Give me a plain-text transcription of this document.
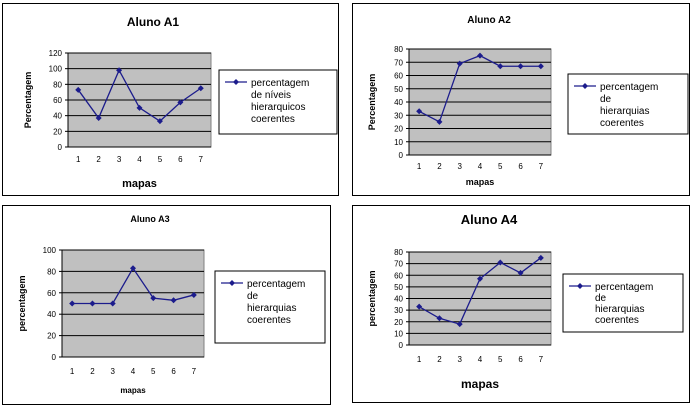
Aluno A1
0
20
40
60
80
100
120
1 2 3 4 5 6 7
Percentagem
mapas
percentagem de níveis hierarquicos coerentes
Aluno A2
0
10
20
30
40
50
60
70
80
1 2 3 4 5 6 7
Percentagem
mapas
percentagem de hierarquias coerentes
Aluno A3
0
20
40
60
80
100
1 2 3 4 5 6 7
percentagem
mapas
percentagem de hierarquias coerentes
Aluno A4
0
10
20
30
40
50
60
70
80
1 2 3 4 5 6 7
percentagem
mapas
percentagem de hierarquias coerentes
